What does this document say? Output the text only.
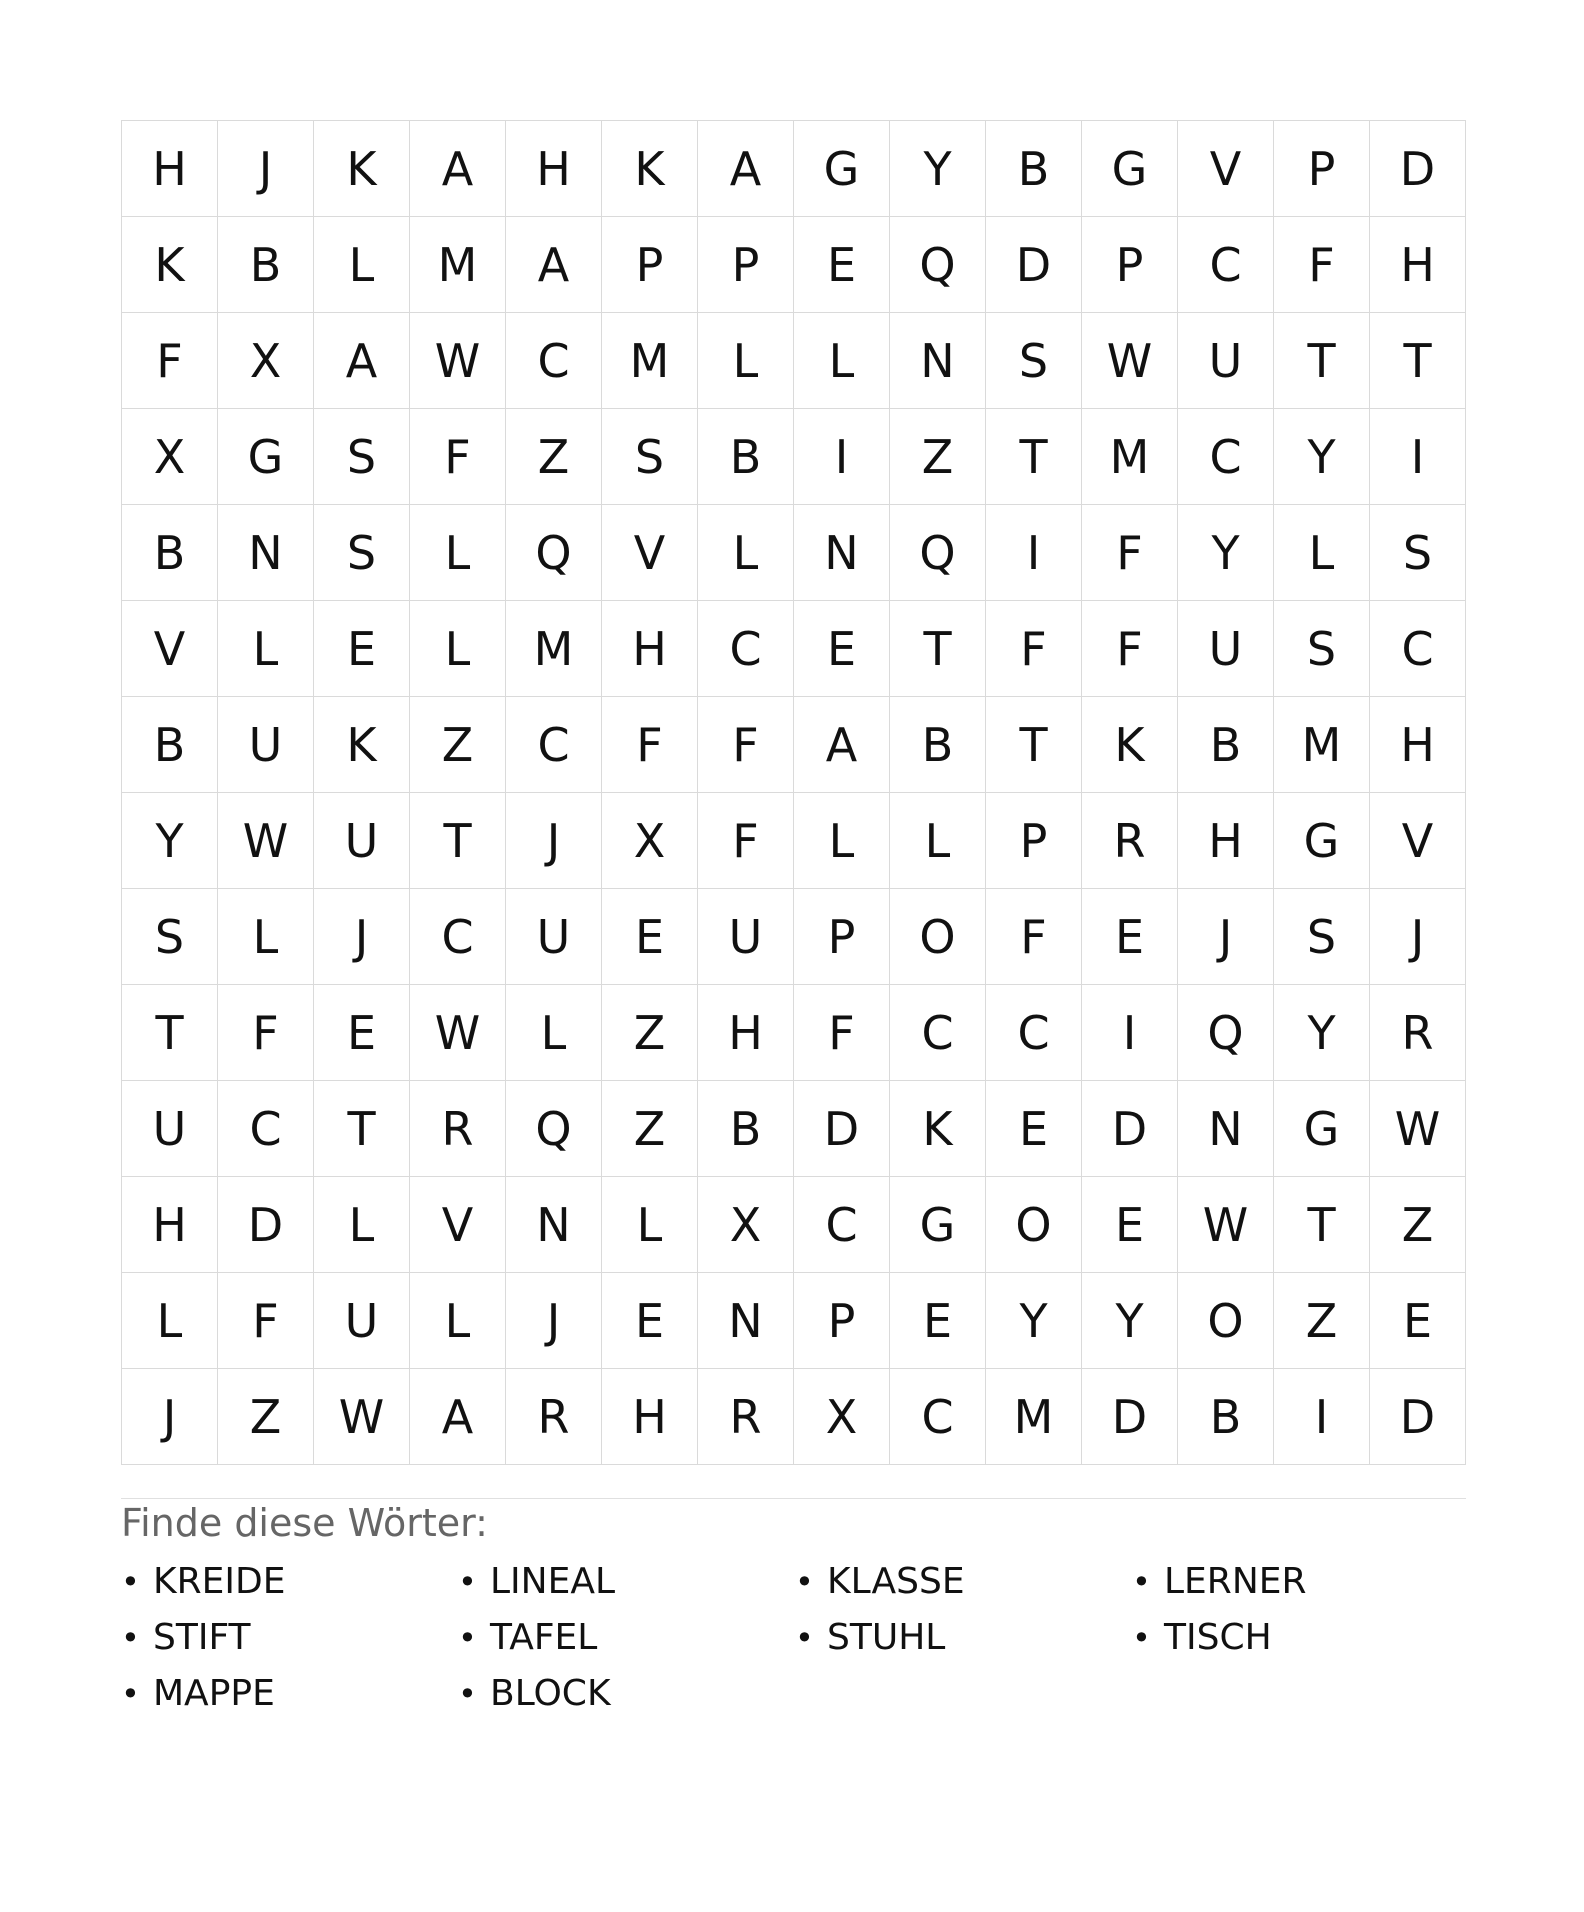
H	J	K	A	H	K	A	G	Y	B	G	V	P	D
K	B	L	M	A	P	P	E	Q	D	P	C	F	H
F	X	A	W	C	M	L	L	N	S	W	U	T	T
X	G	S	F	Z	S	B	I	Z	T	M	C	Y	I
B	N	S	L	Q	V	L	N	Q	I	F	Y	L	S
V	L	E	L	M	H	C	E	T	F	F	U	S	C
B	U	K	Z	C	F	F	A	B	T	K	B	M	H
Y	W	U	T	J	X	F	L	L	P	R	H	G	V
S	L	J	C	U	E	U	P	O	F	E	J	S	J
T	F	E	W	L	Z	H	F	C	C	I	Q	Y	R
U	C	T	R	Q	Z	B	D	K	E	D	N	G	W
H	D	L	V	N	L	X	C	G	O	E	W	T	Z
L	F	U	L	J	E	N	P	E	Y	Y	O	Z	E
J	Z	W	A	R	H	R	X	C	M	D	B	I	D
Finde diese Wörter:
• KREIDE	• LINEAL	• KLASSE	• LERNER
• STIFT	• TAFEL	• STUHL	• TISCH
• MAPPE	• BLOCK
